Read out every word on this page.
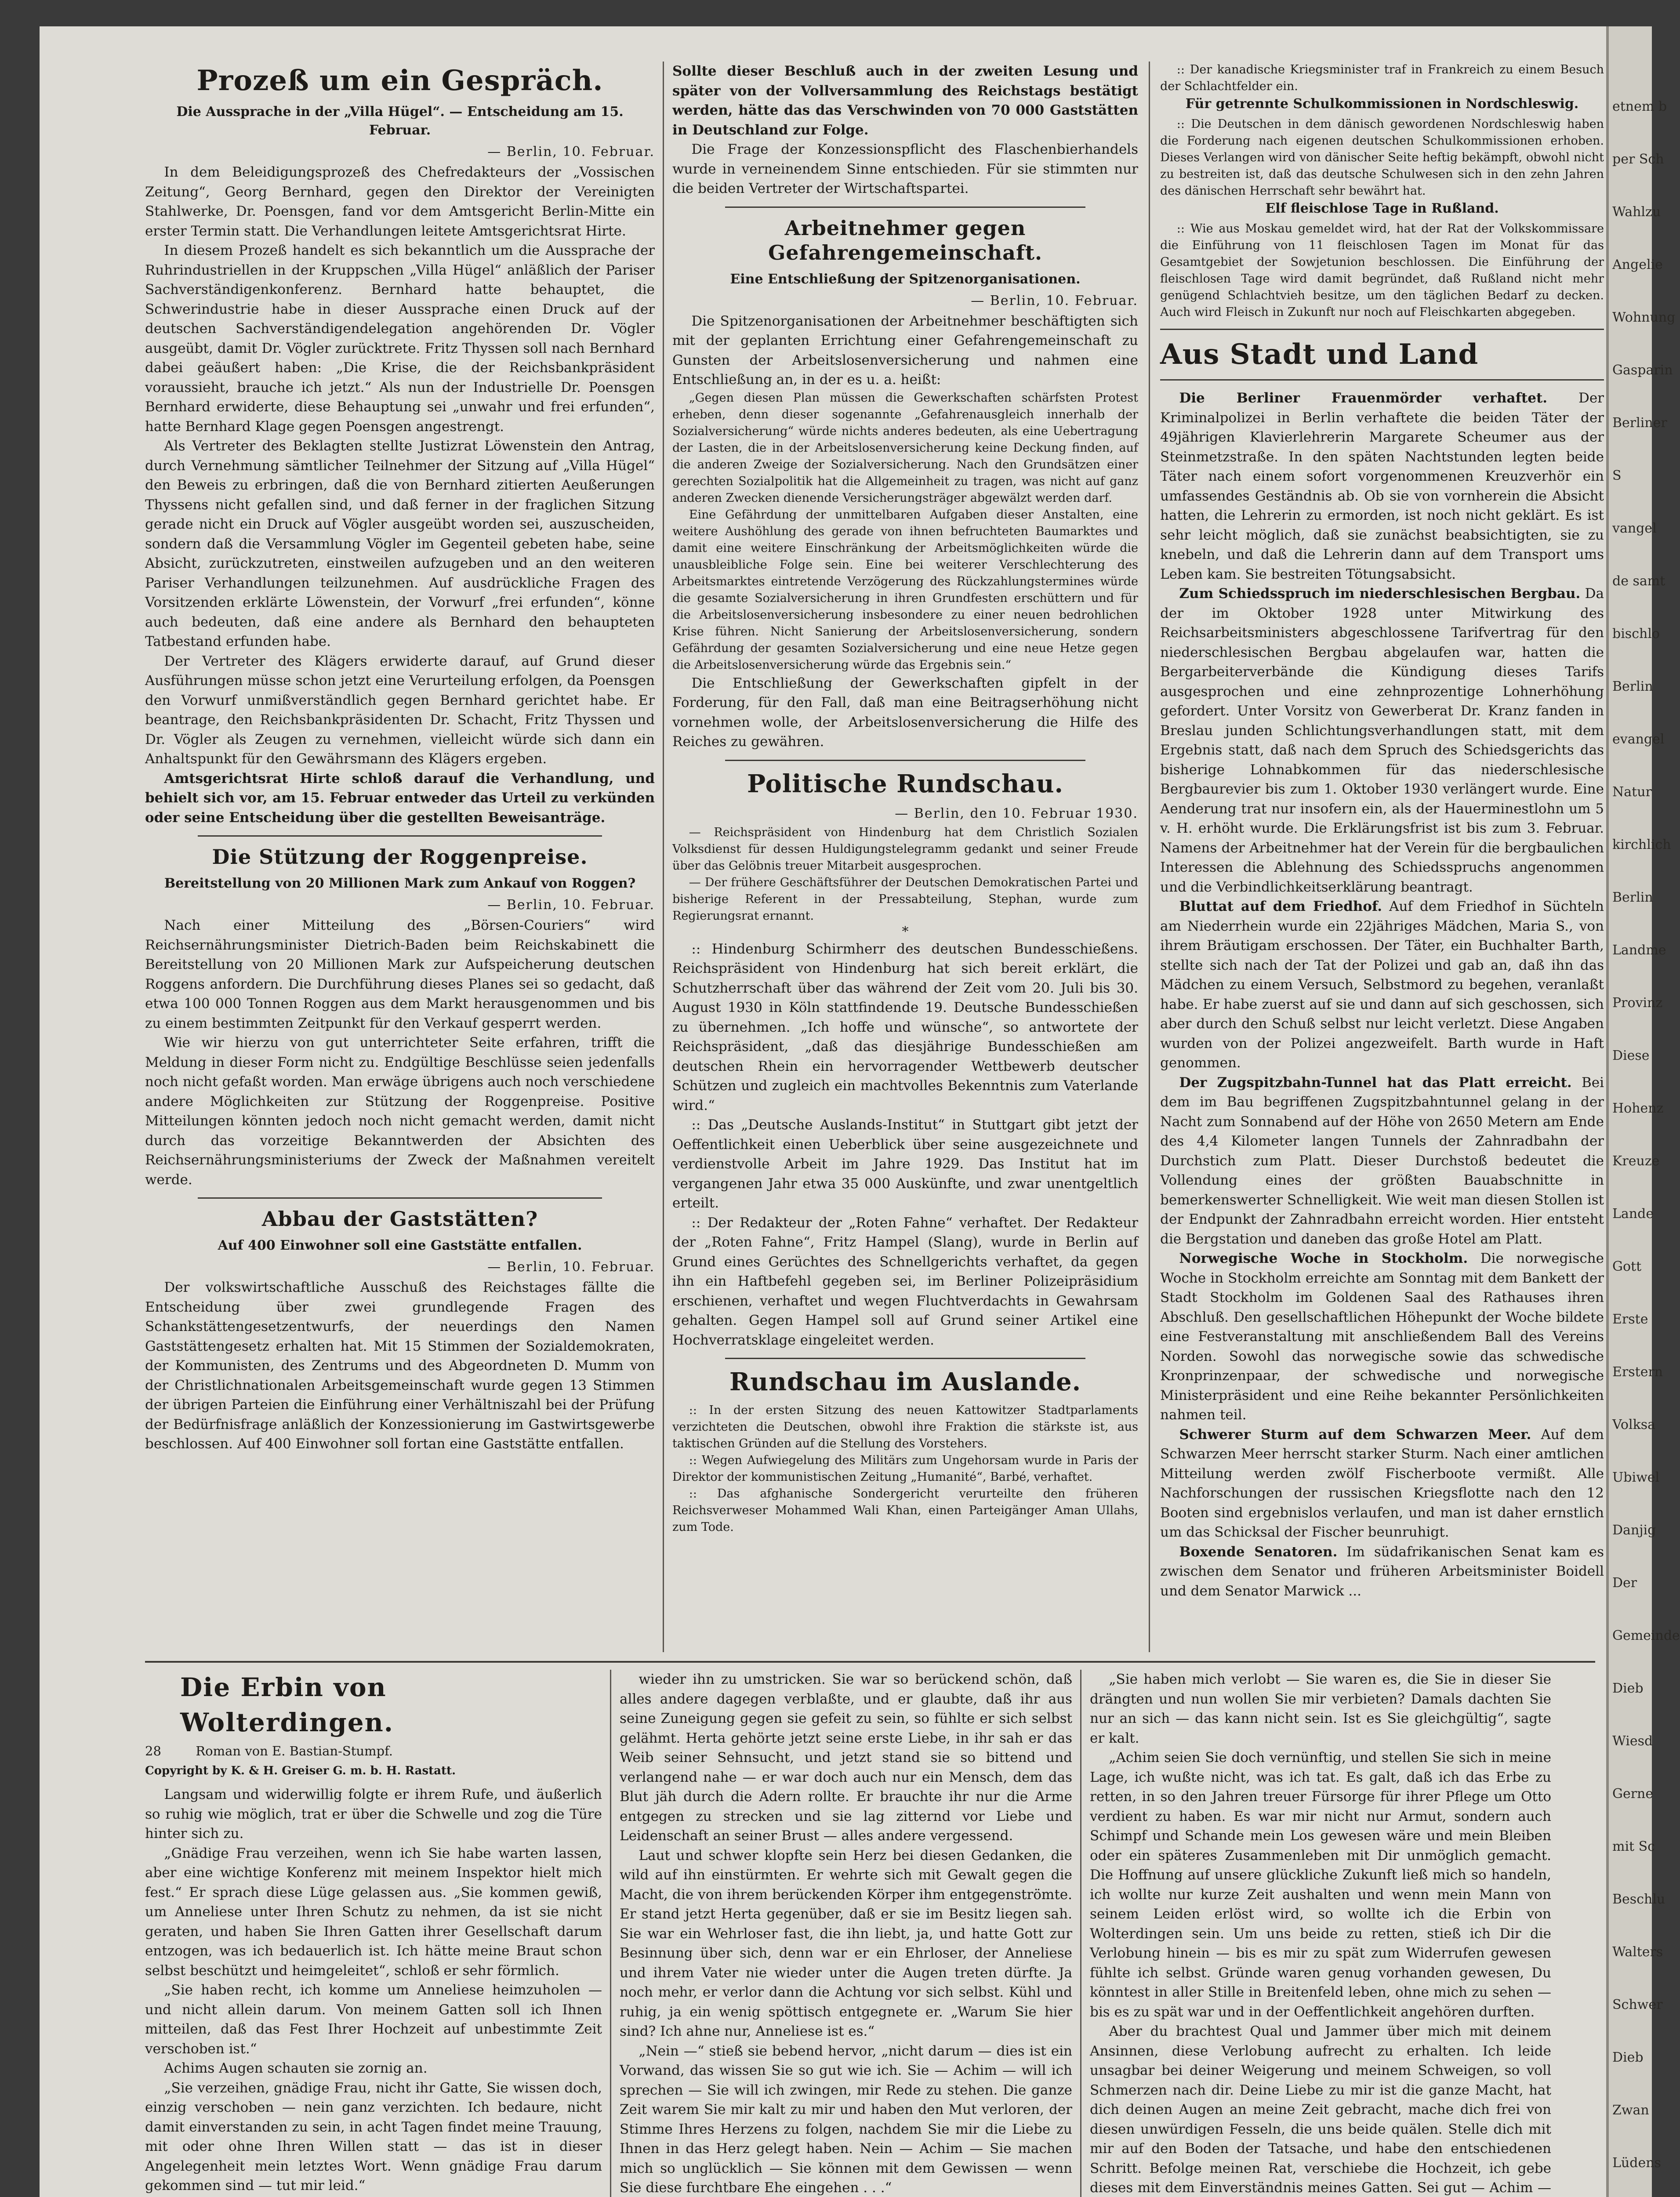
etnem b
per Sch
Wahlzu
Angelie
Wohnung
Gasparin
Berliner
S
vangel
de samt
bischlo
Berlin
evangel
Natur
kirchlich
Berlin
Landme
Provinz
Diese
Hohenz
Kreuze
Lande
Gott
Erste
Erstern
Volksa
Ubiwel
Danjig
Der
Gemeinde
Dieb
Wiesd
Gerne
mit Sc
Beschlu
Walters
Schwer
Dieb
Zwan
Lüdens
Prozeß um ein Gespräch.
Die Aussprache in der „Villa Hügel“. — Entscheidung am 15. Februar.
— Berlin, 10. Februar.

In dem Beleidigungsprozeß des Chefredakteurs der „Vossischen Zeitung“, Georg Bernhard, gegen den Direktor der Vereinigten Stahlwerke, Dr. Poensgen, fand vor dem Amtsgericht Berlin-Mitte ein erster Termin statt. Die Verhandlungen leitete Amtsgerichtsrat Hirte.

In diesem Prozeß handelt es sich bekanntlich um die Aussprache der Ruhrindustriellen in der Kruppschen „Villa Hügel“ anläßlich der Pariser Sachverständigenkonferenz. Bernhard hatte behauptet, die Schwerindustrie habe in dieser Aussprache einen Druck auf der deutschen Sachverständigendelegation angehörenden Dr. Vögler ausgeübt, damit Dr. Vögler zurücktrete. Fritz Thyssen soll nach Bernhard dabei geäußert haben: „Die Krise, die der Reichsbankpräsident voraussieht, brauche ich jetzt.“ Als nun der Industrielle Dr. Poensgen Bernhard erwiderte, diese Behauptung sei „unwahr und frei erfunden“, hatte Bernhard Klage gegen Poensgen angestrengt.

Als Vertreter des Beklagten stellte Justizrat Löwenstein den Antrag, durch Vernehmung sämtlicher Teilnehmer der Sitzung auf „Villa Hügel“ den Beweis zu erbringen, daß die von Bernhard zitierten Aeußerungen Thyssens nicht gefallen sind, und daß ferner in der fraglichen Sitzung gerade nicht ein Druck auf Vögler ausgeübt worden sei, auszuscheiden, sondern daß die Versammlung Vögler im Gegenteil gebeten habe, seine Absicht, zurückzutreten, einstweilen aufzugeben und an den weiteren Pariser Verhandlungen teilzunehmen. Auf ausdrückliche Fragen des Vorsitzenden erklärte Löwenstein, der Vorwurf „frei erfunden“, könne auch bedeuten, daß eine andere als Bernhard den behaupteten Tatbestand erfunden habe.

Der Vertreter des Klägers erwiderte darauf, auf Grund dieser Ausführungen müsse schon jetzt eine Verurteilung erfolgen, da Poensgen den Vorwurf unmißverständlich gegen Bernhard gerichtet habe. Er beantrage, den Reichsbankpräsidenten Dr. Schacht, Fritz Thyssen und Dr. Vögler als Zeugen zu vernehmen, vielleicht würde sich dann ein Anhaltspunkt für den Gewährsmann des Klägers ergeben.

Amtsgerichtsrat Hirte schloß darauf die Verhandlung, und behielt sich vor, am 15. Februar entweder das Urteil zu verkünden oder seine Entscheidung über die gestellten Beweisanträge.

Die Stützung der Roggenpreise.
Bereitstellung von 20 Millionen Mark zum Ankauf von Roggen?
— Berlin, 10. Februar.

Nach einer Mitteilung des „Börsen-Couriers“ wird Reichsernährungsminister Dietrich-Baden beim Reichskabinett die Bereitstellung von 20 Millionen Mark zur Aufspeicherung deutschen Roggens anfordern. Die Durchführung dieses Planes sei so gedacht, daß etwa 100 000 Tonnen Roggen aus dem Markt herausgenommen und bis zu einem bestimmten Zeitpunkt für den Verkauf gesperrt werden.

Wie wir hierzu von gut unterrichteter Seite erfahren, trifft die Meldung in dieser Form nicht zu. Endgültige Beschlüsse seien jedenfalls noch nicht gefaßt worden. Man erwäge übrigens auch noch verschiedene andere Möglichkeiten zur Stützung der Roggenpreise. Positive Mitteilungen könnten jedoch noch nicht gemacht werden, damit nicht durch das vorzeitige Bekanntwerden der Absichten des Reichsernährungsministeriums der Zweck der Maßnahmen vereitelt werde.

Abbau der Gaststätten?
Auf 400 Einwohner soll eine Gaststätte entfallen.
— Berlin, 10. Februar.

Der volkswirtschaftliche Ausschuß des Reichstages fällte die Entscheidung über zwei grundlegende Fragen des Schankstättengesetzentwurfs, der neuerdings den Namen Gaststättengesetz erhalten hat. Mit 15 Stimmen der Sozialdemokraten, der Kommunisten, des Zentrums und des Abgeordneten D. Mumm von der Christlichnationalen Arbeitsgemeinschaft wurde gegen 13 Stimmen der übrigen Parteien die Einführung einer Verhältniszahl bei der Prüfung der Bedürfnisfrage anläßlich der Konzessionierung im Gastwirtsgewerbe beschlossen. Auf 400 Einwohner soll fortan eine Gaststätte entfallen.

Sollte dieser Beschluß auch in der zweiten Lesung und später von der Vollversammlung des Reichstags bestätigt werden, hätte das das Verschwinden von 70 000 Gaststätten in Deutschland zur Folge.

Die Frage der Konzessionspflicht des Flaschenbierhandels wurde in verneinendem Sinne entschieden. Für sie stimmten nur die beiden Vertreter der Wirtschaftspartei.

Arbeitnehmer gegen Gefahrengemeinschaft.
Eine Entschließung der Spitzenorganisationen.
— Berlin, 10. Februar.

Die Spitzenorganisationen der Arbeitnehmer beschäftigten sich mit der geplanten Errichtung einer Gefahrengemeinschaft zu Gunsten der Arbeitslosenversicherung und nahmen eine Entschließung an, in der es u. a. heißt:

„Gegen diesen Plan müssen die Gewerkschaften schärfsten Protest erheben, denn dieser sogenannte „Gefahrenausgleich innerhalb der Sozialversicherung“ würde nichts anderes bedeuten, als eine Uebertragung der Lasten, die in der Arbeitslosenversicherung keine Deckung finden, auf die anderen Zweige der Sozialversicherung. Nach den Grundsätzen einer gerechten Sozialpolitik hat die Allgemeinheit zu tragen, was nicht auf ganz anderen Zwecken dienende Versicherungsträger abgewälzt werden darf.

Eine Gefährdung der unmittelbaren Aufgaben dieser Anstalten, eine weitere Aushöhlung des gerade von ihnen befruchteten Baumarktes und damit eine weitere Einschränkung der Arbeitsmöglichkeiten würde die unausbleibliche Folge sein. Eine bei weiterer Verschlechterung des Arbeitsmarktes eintretende Verzögerung des Rückzahlungstermines würde die gesamte Sozialversicherung in ihren Grundfesten erschüttern und für die Arbeitslosenversicherung insbesondere zu einer neuen bedrohlichen Krise führen. Nicht Sanierung der Arbeitslosenversicherung, sondern Gefährdung der gesamten Sozialversicherung und eine neue Hetze gegen die Arbeitslosenversicherung würde das Ergebnis sein.“

Die Entschließung der Gewerkschaften gipfelt in der Forderung, für den Fall, daß man eine Beitragserhöhung nicht vornehmen wolle, der Arbeitslosenversicherung die Hilfe des Reiches zu gewähren.

Politische Rundschau.
— Berlin, den 10. Februar 1930.

— Reichspräsident von Hindenburg hat dem Christlich Sozialen Volksdienst für dessen Huldigungstelegramm gedankt und seiner Freude über das Gelöbnis treuer Mitarbeit ausgesprochen.

— Der frühere Geschäftsführer der Deutschen Demokratischen Partei und bisherige Referent in der Pressabteilung, Stephan, wurde zum Regierungsrat ernannt.

*

:: Hindenburg Schirmherr des deutschen Bundesschießens. Reichspräsident von Hindenburg hat sich bereit erklärt, die Schutzherrschaft über das während der Zeit vom 20. Juli bis 30. August 1930 in Köln stattfindende 19. Deutsche Bundesschießen zu übernehmen. „Ich hoffe und wünsche“, so antwortete der Reichspräsident, „daß das diesjährige Bundesschießen am deutschen Rhein ein hervorragender Wettbewerb deutscher Schützen und zugleich ein machtvolles Bekenntnis zum Vaterlande wird.“

:: Das „Deutsche Auslands-Institut“ in Stuttgart gibt jetzt der Oeffentlichkeit einen Ueberblick über seine ausgezeichnete und verdienstvolle Arbeit im Jahre 1929. Das Institut hat im vergangenen Jahr etwa 35 000 Auskünfte, und zwar unentgeltlich erteilt.

:: Der Redakteur der „Roten Fahne“ verhaftet. Der Redakteur der „Roten Fahne“, Fritz Hampel (Slang), wurde in Berlin auf Grund eines Gerüchtes des Schnellgerichts verhaftet, da gegen ihn ein Haftbefehl gegeben sei, im Berliner Polizeipräsidium erschienen, verhaftet und wegen Fluchtverdachts in Gewahrsam gehalten. Gegen Hampel soll auf Grund seiner Artikel eine Hochverratsklage eingeleitet werden.

Rundschau im Auslande.

:: In der ersten Sitzung des neuen Kattowitzer Stadtparlaments verzichteten die Deutschen, obwohl ihre Fraktion die stärkste ist, aus taktischen Gründen auf die Stellung des Vorstehers.

:: Wegen Aufwiegelung des Militärs zum Ungehorsam wurde in Paris der Direktor der kommunistischen Zeitung „Humanité“, Barbé, verhaftet.

:: Das afghanische Sondergericht verurteilte den früheren Reichsverweser Mohammed Wali Khan, einen Parteigänger Aman Ullahs, zum Tode.

:: Der kanadische Kriegsminister traf in Frankreich zu einem Besuch der Schlachtfelder ein.

Für getrennte Schulkommissionen in Nordschleswig.

:: Die Deutschen in dem dänisch gewordenen Nordschleswig haben die Forderung nach eigenen deutschen Schulkommissionen erhoben. Dieses Verlangen wird von dänischer Seite heftig bekämpft, obwohl nicht zu bestreiten ist, daß das deutsche Schulwesen sich in den zehn Jahren des dänischen Herrschaft sehr bewährt hat.

Elf fleischlose Tage in Rußland.

:: Wie aus Moskau gemeldet wird, hat der Rat der Volkskommissare die Einführung von 11 fleischlosen Tagen im Monat für das Gesamtgebiet der Sowjetunion beschlossen. Die Einführung der fleischlosen Tage wird damit begründet, daß Rußland nicht mehr genügend Schlachtvieh besitze, um den täglichen Bedarf zu decken. Auch wird Fleisch in Zukunft nur noch auf Fleischkarten abgegeben.

Aus Stadt und Land

Die Berliner Frauenmörder verhaftet. Der Kriminalpolizei in Berlin verhaftete die beiden Täter der 49jährigen Klavierlehrerin Margarete Scheumer aus der Steinmetzstraße. In den späten Nachtstunden legten beide Täter nach einem sofort vorgenommenen Kreuzverhör ein umfassendes Geständnis ab. Ob sie von vornherein die Absicht hatten, die Lehrerin zu ermorden, ist noch nicht geklärt. Es ist sehr leicht möglich, daß sie zunächst beabsichtigten, sie zu knebeln, und daß die Lehrerin dann auf dem Transport ums Leben kam. Sie bestreiten Tötungsabsicht.

Zum Schiedsspruch im niederschlesischen Bergbau. Da der im Oktober 1928 unter Mitwirkung des Reichsarbeitsministers abgeschlossene Tarifvertrag für den niederschlesischen Bergbau abgelaufen war, hatten die Bergarbeiterverbände die Kündigung dieses Tarifs ausgesprochen und eine zehnprozentige Lohnerhöhung gefordert. Unter Vorsitz von Gewerberat Dr. Kranz fanden in Breslau junden Schlichtungsverhandlungen statt, mit dem Ergebnis statt, daß nach dem Spruch des Schiedsgerichts das bisherige Lohnabkommen für das niederschlesische Bergbaurevier bis zum 1. Oktober 1930 verlängert wurde. Eine Aenderung trat nur insofern ein, als der Hauerminestlohn um 5 v. H. erhöht wurde. Die Erklärungsfrist ist bis zum 3. Februar. Namens der Arbeitnehmer hat der Verein für die bergbaulichen Interessen die Ablehnung des Schiedsspruchs angenommen und die Verbindlichkeitserklärung beantragt.

Bluttat auf dem Friedhof. Auf dem Friedhof in Süchteln am Niederrhein wurde ein 22jähriges Mädchen, Maria S., von ihrem Bräutigam erschossen. Der Täter, ein Buchhalter Barth, stellte sich nach der Tat der Polizei und gab an, daß ihn das Mädchen zu einem Versuch, Selbstmord zu begehen, veranlaßt habe. Er habe zuerst auf sie und dann auf sich geschossen, sich aber durch den Schuß selbst nur leicht verletzt. Diese Angaben wurden von der Polizei angezweifelt. Barth wurde in Haft genommen.

Der Zugspitzbahn-Tunnel hat das Platt erreicht. Bei dem im Bau begriffenen Zugspitzbahntunnel gelang in der Nacht zum Sonnabend auf der Höhe von 2650 Metern am Ende des 4,4 Kilometer langen Tunnels der Zahnradbahn der Durchstich zum Platt. Dieser Durchstoß bedeutet die Vollendung eines der größten Bauabschnitte in bemerkenswerter Schnelligkeit. Wie weit man diesen Stollen ist der Endpunkt der Zahnradbahn erreicht worden. Hier entsteht die Bergstation und daneben das große Hotel am Platt.

Norwegische Woche in Stockholm. Die norwegische Woche in Stockholm erreichte am Sonntag mit dem Bankett der Stadt Stockholm im Goldenen Saal des Rathauses ihren Abschluß. Den gesellschaftlichen Höhepunkt der Woche bildete eine Festveranstaltung mit anschließendem Ball des Vereins Norden. Sowohl das norwegische sowie das schwedische Kronprinzenpaar, der schwedische und norwegische Ministerpräsident und eine Reihe bekannter Persönlichkeiten nahmen teil.

Schwerer Sturm auf dem Schwarzen Meer. Auf dem Schwarzen Meer herrscht starker Sturm. Nach einer amtlichen Mitteilung werden zwölf Fischerboote vermißt. Alle Nachforschungen der russischen Kriegsflotte nach den 12 Booten sind ergebnislos verlaufen, und man ist daher ernstlich um das Schicksal der Fischer beunruhigt.

Boxende Senatoren. Im südafrikanischen Senat kam es zwischen dem Senator und früheren Arbeitsminister Boidell und dem Senator Marwick ...

Die Erbin von Wolterdingen.
28	Roman von E. Bastian-Stumpf.
Copyright by K. & H. Greiser G. m. b. H. Rastatt.

Langsam und widerwillig folgte er ihrem Rufe, und äußerlich so ruhig wie möglich, trat er über die Schwelle und zog die Türe hinter sich zu.

„Gnädige Frau verzeihen, wenn ich Sie habe warten lassen, aber eine wichtige Konferenz mit meinem Inspektor hielt mich fest.“ Er sprach diese Lüge gelassen aus. „Sie kommen gewiß, um Anneliese unter Ihren Schutz zu nehmen, da ist sie nicht geraten, und haben Sie Ihren Gatten ihrer Gesellschaft darum entzogen, was ich bedauerlich ist. Ich hätte meine Braut schon selbst beschützt und heimgeleitet“, schloß er sehr förmlich.

„Sie haben recht, ich komme um Anneliese heimzuholen — und nicht allein darum. Von meinem Gatten soll ich Ihnen mitteilen, daß das Fest Ihrer Hochzeit auf unbestimmte Zeit verschoben ist.“

Achims Augen schauten sie zornig an.

„Sie verzeihen, gnädige Frau, nicht ihr Gatte, Sie wissen doch, einzig verschoben — nein ganz verzichten. Ich bedaure, nicht damit einverstanden zu sein, in acht Tagen findet meine Trauung, mit oder ohne Ihren Willen statt — das ist in dieser Angelegenheit mein letztes Wort. Wenn gnädige Frau darum gekommen sind — tut mir leid.“

wieder ihn zu umstricken. Sie war so berückend schön, daß alles andere dagegen verblaßte, und er glaubte, daß ihr aus seine Zuneigung gegen sie gefeit zu sein, so fühlte er sich selbst gelähmt. Herta gehörte jetzt seine erste Liebe, in ihr sah er das Weib seiner Sehnsucht, und jetzt stand sie so bittend und verlangend nahe — er war doch auch nur ein Mensch, dem das Blut jäh durch die Adern rollte. Er brauchte ihr nur die Arme entgegen zu strecken und sie lag zitternd vor Liebe und Leidenschaft an seiner Brust — alles andere vergessend.

Laut und schwer klopfte sein Herz bei diesen Gedanken, die wild auf ihn einstürmten. Er wehrte sich mit Gewalt gegen die Macht, die von ihrem berückenden Körper ihm entgegenströmte. Er stand jetzt Herta gegenüber, daß er sie im Besitz liegen sah. Sie war ein Wehrloser fast, die ihn liebt, ja, und hatte Gott zur Besinnung über sich, denn war er ein Ehrloser, der Anneliese und ihrem Vater nie wieder unter die Augen treten dürfte. Ja noch mehr, er verlor dann die Achtung vor sich selbst. Kühl und ruhig, ja ein wenig spöttisch entgegnete er. „Warum Sie hier sind? Ich ahne nur, Anneliese ist es.“

„Nein —“ stieß sie bebend hervor, „nicht darum — dies ist ein Vorwand, das wissen Sie so gut wie ich. Sie — Achim — will ich sprechen — Sie will ich zwingen, mir Rede zu stehen. Die ganze Zeit warem Sie mir kalt zu mir und haben den Mut verloren, der Stimme Ihres Herzens zu folgen, nachdem Sie mir die Liebe zu Ihnen in das Herz gelegt haben. Nein — Achim — Sie machen mich so unglücklich — Sie können mit dem Gewissen — wenn Sie diese furchtbare Ehe eingehen . . .“

„Sie haben mich verlobt — Sie waren es, die Sie in dieser Sie drängten und nun wollen Sie mir verbieten? Damals dachten Sie nur an sich — das kann nicht sein. Ist es Sie gleichgültig“, sagte er kalt.

„Achim seien Sie doch vernünftig, und stellen Sie sich in meine Lage, ich wußte nicht, was ich tat. Es galt, daß ich das Erbe zu retten, in so den Jahren treuer Fürsorge für ihrer Pflege um Otto verdient zu haben. Es war mir nicht nur Armut, sondern auch Schimpf und Schande mein Los gewesen wäre und mein Bleiben oder ein späteres Zusammenleben mit Dir unmöglich gemacht. Die Hoffnung auf unsere glückliche Zukunft ließ mich so handeln, ich wollte nur kurze Zeit aushalten und wenn mein Mann von seinem Leiden erlöst wird, so wollte ich die Erbin von Wolterdingen sein. Um uns beide zu retten, stieß ich Dir die Verlobung hinein — bis es mir zu spät zum Widerrufen gewesen fühlte ich selbst. Gründe waren genug vorhanden gewesen, Du könntest in aller Stille in Breitenfeld leben, ohne mich zu sehen — bis es zu spät war und in der Oeffentlichkeit angehören durften.

Aber du brachtest Qual und Jammer über mich mit deinem Ansinnen, diese Verlobung aufrecht zu erhalten. Ich leide unsagbar bei deiner Weigerung und meinem Schweigen, so voll Schmerzen nach dir. Deine Liebe zu mir ist die ganze Macht, hat dich deinen Augen an meine Zeit gebracht, mache dich frei von diesen unwürdigen Fesseln, die uns beide quälen. Stelle dich mit mir auf den Boden der Tatsache, und habe den entschiedenen Schritt. Befolge meinen Rat, verschiebe die Hochzeit, ich gebe dieses mit dem Einverständnis meines Gatten. Sei gut — Achim —
